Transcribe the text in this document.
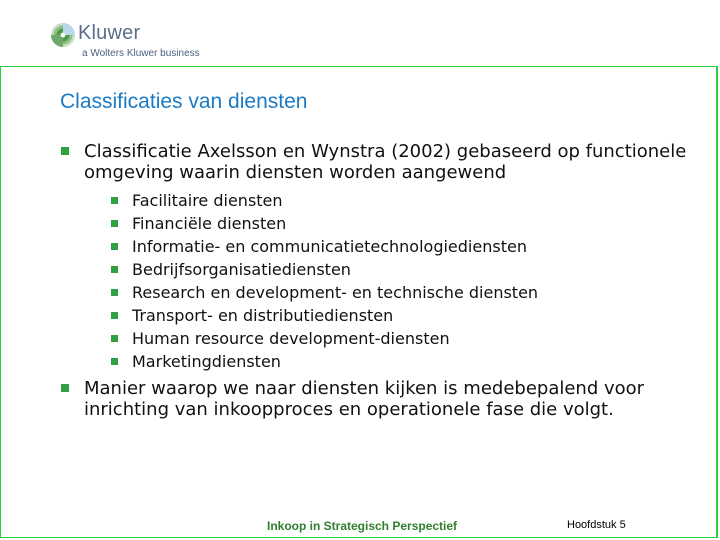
Kluwer
a Wolters Kluwer business
Classificaties van diensten
Classificatie Axelsson en Wynstra (2002) gebaseerd op functionele omgeving waarin diensten worden aangewend
Facilitaire diensten
Financiële diensten
Informatie- en communicatietechnologiediensten
Bedrijfsorganisatiediensten
Research en development- en technische diensten
Transport- en distributiediensten
Human resource development-diensten
Marketingdiensten
Manier waarop we naar diensten kijken is medebepalend voor inrichting van inkoopproces en operationele fase die volgt.
Inkoop in Strategisch Perspectief	Hoofdstuk 5
